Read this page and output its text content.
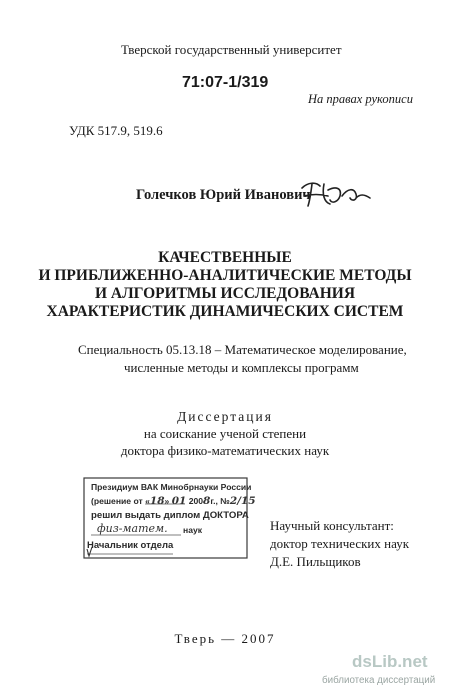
Тверской государственный университет
71:07-1/319
На правах рукописи
УДК 517.9, 519.6
Голечков Юрий Иванович
КАЧЕСТВЕННЫЕ
И ПРИБЛИЖЕННО-АНАЛИТИЧЕСКИЕ МЕТОДЫ
И АЛГОРИТМЫ ИССЛЕДОВАНИЯ
ХАРАКТЕРИСТИК ДИНАМИЧЕСКИХ СИСТЕМ
Специальность 05.13.18 – Математическое моделирование,
численные методы и комплексы программ
Диссертация
на соискание ученой степени
доктора физико-математических наук
Президиум ВАК Минобрнауки России
(решение от «18» 01 2008г., №2/15
решил выдать диплом ДОКТОРА
физ-матем. наук
Начальник отдела
Научный консультант:
доктор технических наук
Д.Е. Пильщиков
Тверь — 2007
dsLib.net
библиотека диссертаций
